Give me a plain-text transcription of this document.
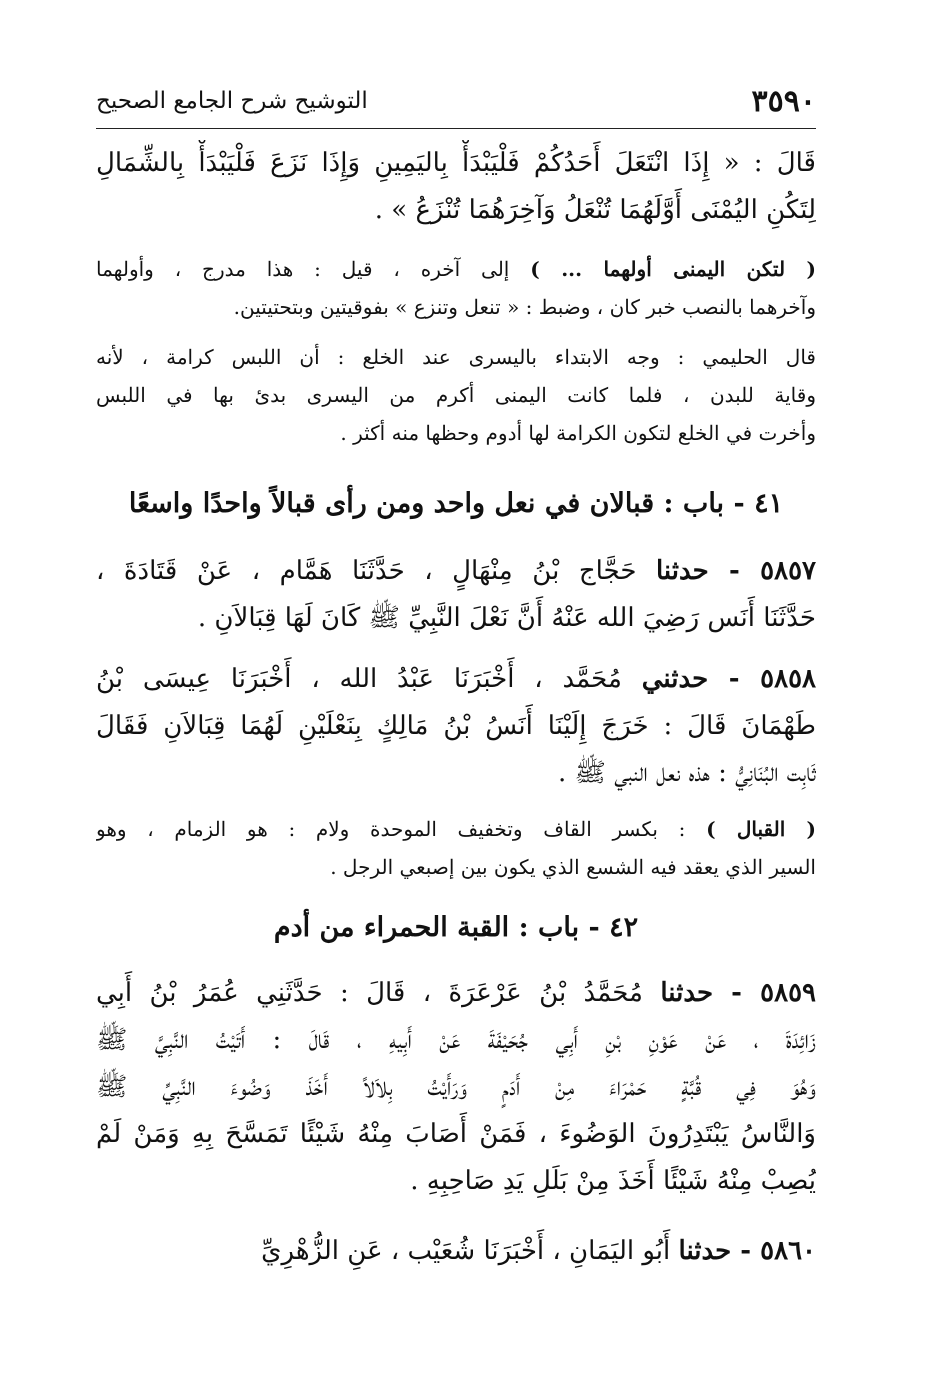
٣٥٩٠
التوشيح شرح الجامع الصحيح
قَالَ : « إِذَا انْتَعَلَ أَحَدُكُمْ فَلْيَبْدَأْ بِاليَمِينِ وَإِذَا نَزَعَ فَلْيَبْدَأْ بِالشِّمَالِ
لِتَكُنِ اليُمْنَى أَوَّلَهُمَا تُنْعَلُ وَآخِرَهُمَا تُنْزَعُ » .
( لتكن اليمنى أولهما ... ) إلى آخره ، قيل : هذا مدرج ، وأولهما
وآخرهما بالنصب خبر كان ، وضبط : « تنعل وتنزع » بفوقيتين وبتحتيتين.
قال الحليمي : وجه الابتداء باليسرى عند الخلع : أن اللبس كرامة ، لأنه
وقاية للبدن ، فلما كانت اليمنى أكرم من اليسرى بدئ بها في اللبس
وأخرت في الخلع لتكون الكرامة لها أدوم وحظها منه أكثر .
٤١ - باب : قبالان في نعل واحد ومن رأى قبالاً واحدًا واسعًا
٥٨٥٧ - حدثنا حَجَّاج بْنُ مِنْهَالٍ ، حَدَّثَنَا هَمَّام ، عَنْ قَتَادَةَ ،
حَدَّثَنَا أَنَس رَضِيَ الله عَنْهُ أَنَّ نَعْلَ النَّبِيِّ ﷺ كَانَ لَهَا قِبَالاَنِ .
٥٨٥٨ - حدثني مُحَمَّد ، أَخْبَرَنَا عَبْدُ الله ، أَخْبَرَنَا عِيسَى بْنُ
طَهْمَانَ قَالَ : خَرَجَ إِلَيْنَا أَنَسُ بْنُ مَالِكٍ بِنَعْلَيْنِ لَهُمَا قِبَالاَنِ فَقَالَ
ثَابِت البُنَانِيُّ : هذه نعل النبي ﷺ .
( القبال ) : بكسر القاف وتخفيف الموحدة ولام : هو الزمام ، وهو
السير الذي يعقد فيه الشسع الذي يكون بين إصبعي الرجل .
٤٢ - باب : القبة الحمراء من أدم
٥٨٥٩ - حدثنا مُحَمَّدُ بْنُ عَرْعَرَةَ ، قَالَ : حَدَّثَنِي عُمَرُ بْنُ أَبِي
زَائِدَةَ ، عَنْ عَوْنِ بْنِ أَبِي جُحَيْفَةَ عَنْ أَبِيهِ ، قَالَ : أَتَيْتُ النَّبِيَّ ﷺ
وَهُوَ فِي قُبَّةٍ حَمْرَاءَ مِنْ أَدَمٍ وَرَأَيْتُ بِلاَلاً أَخَذَ وَضُوءَ النَّبِيِّ ﷺ
وَالنَّاسُ يَبْتَدِرُونَ الوَضُوءَ ، فَمَنْ أَصَابَ مِنْهُ شَيْئًا تَمَسَّحَ بِهِ وَمَنْ لَمْ
يُصِبْ مِنْهُ شَيْئًا أَخَذَ مِنْ بَلَلِ يَدِ صَاحِبِهِ .
٥٨٦٠ - حدثنا أَبُو اليَمَانِ ، أَخْبَرَنَا شُعَيْب ، عَنِ الزُّهْرِيِّ
